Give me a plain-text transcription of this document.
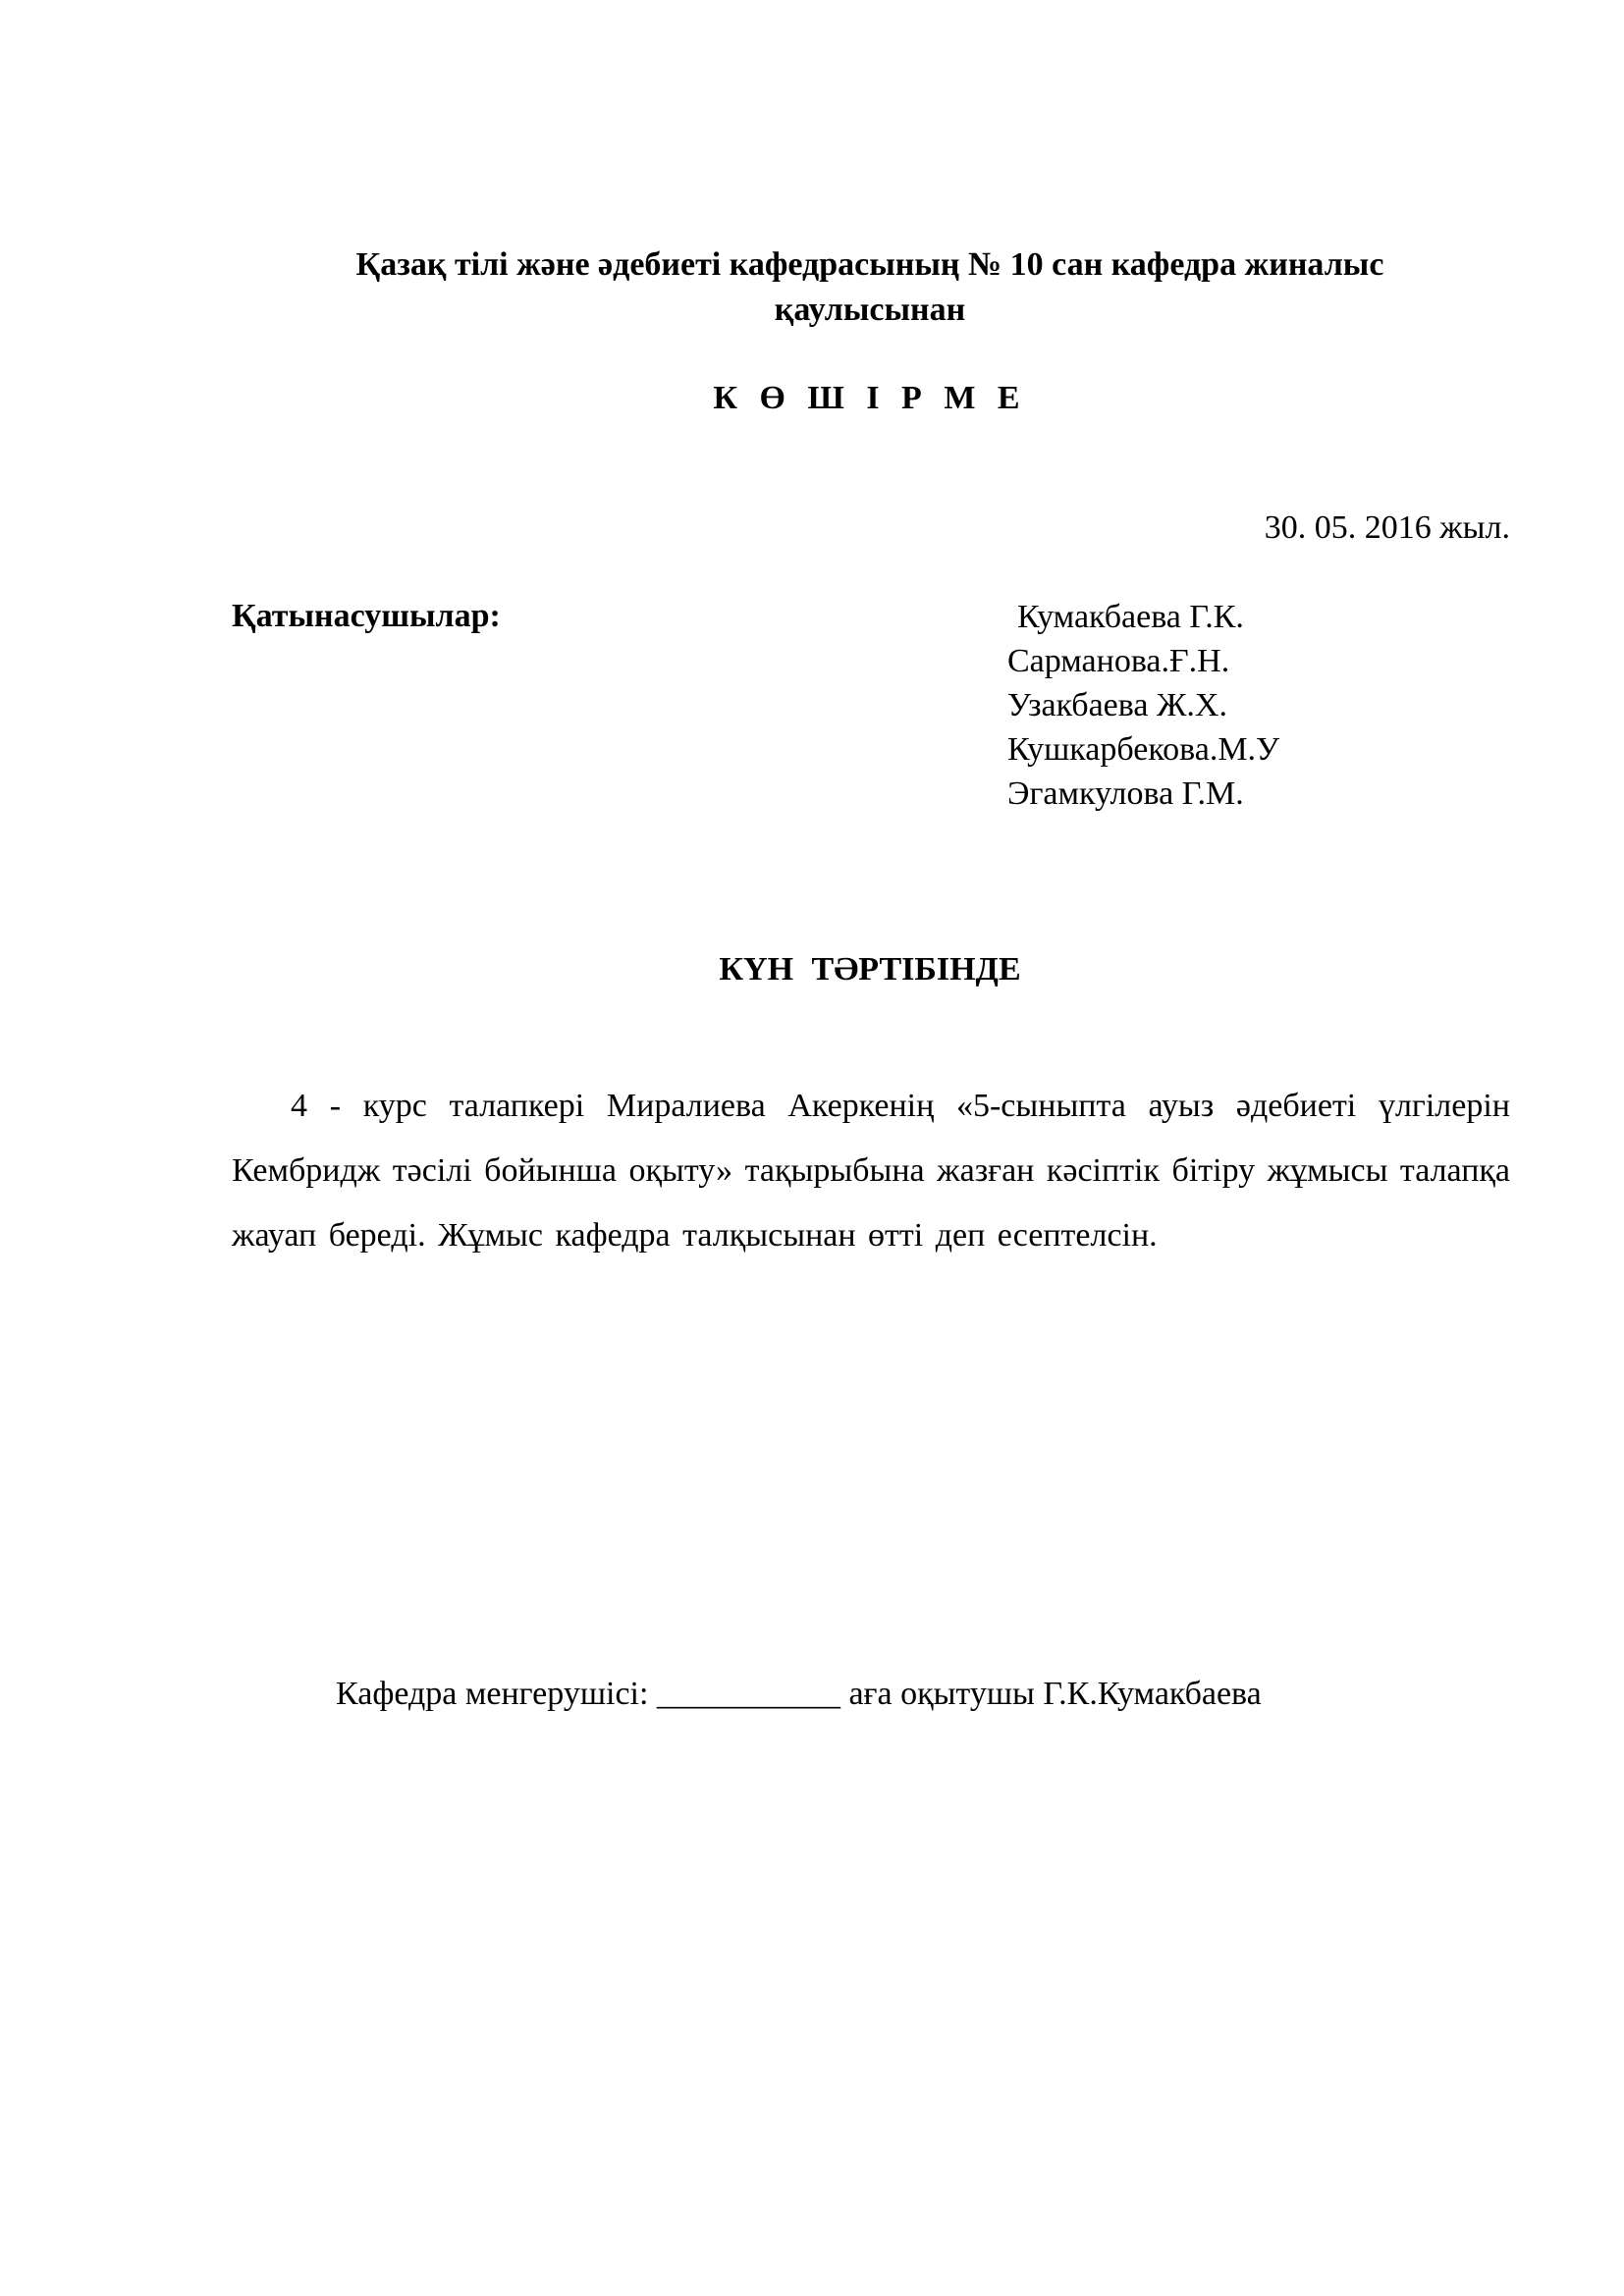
Қазақ тілі және әдебиеті кафедрасының № 10 сан кафедра жиналыс
қаулысынан
К Ө Ш І Р М Е
30. 05. 2016 жыл.
Қатынасушылар:	Кумакбаева Г.К.
Сарманова.Ғ.Н.
Узакбаева Ж.Х.
Кушкарбекова.М.У
Эгамкулова Г.М.
КҮН ТӘРТІБІНДЕ

4 - курс талапкері Миралиева Акеркенің «5-сыныпта ауыз әдебиеті үлгілерін Кембридж тәсілі бойынша оқыту» тақырыбына жазған кәсіптік бітіру жұмысы талапқа жауап береді. Жұмыс кафедра талқысынан өтті деп есептелсін.

Кафедра менгерушісі: ___________ аға оқытушы Г.К.Кумакбаева
